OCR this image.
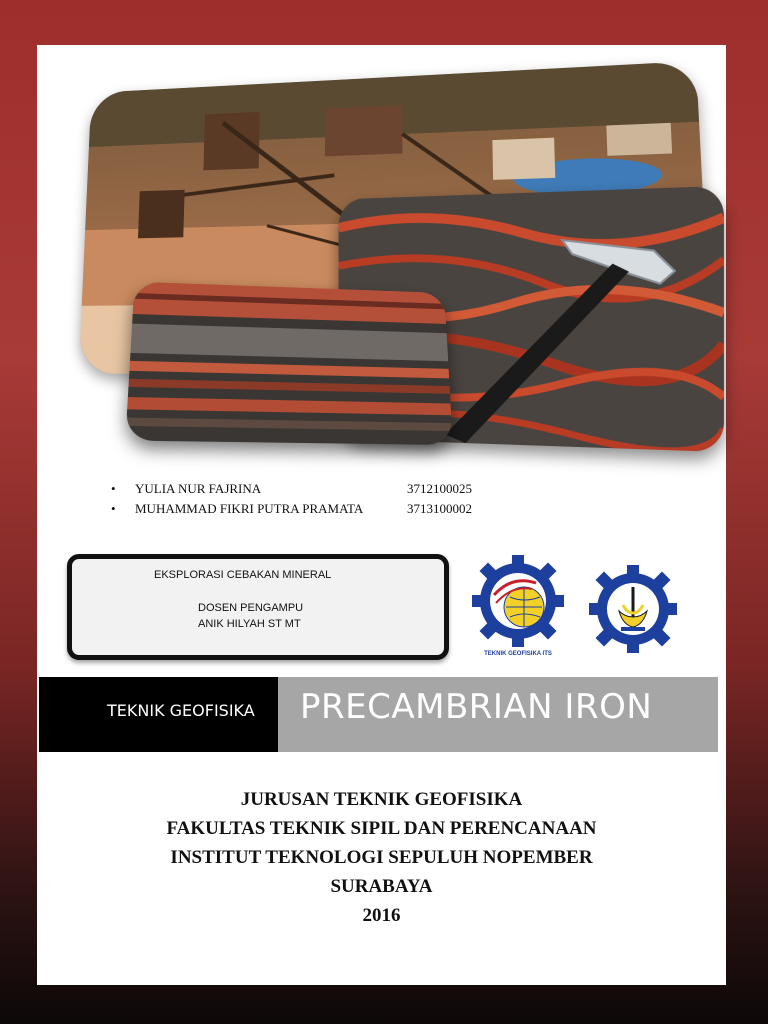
• YULIA NUR FAJRINA	3712100025
• MUHAMMAD FIKRI PUTRA PRAMATA	3713100002
EKSPLORASI CEBAKAN MINERAL
DOSEN PENGAMPU
ANIK HILYAH ST MT
TEKNIK GEOFISIKA ITS
TEKNIK GEOFISIKA PRECAMBRIAN IRON
JURUSAN TEKNIK GEOFISIKA
FAKULTAS TEKNIK SIPIL DAN PERENCANAAN
INSTITUT TEKNOLOGI SEPULUH NOPEMBER
SURABAYA
2016
